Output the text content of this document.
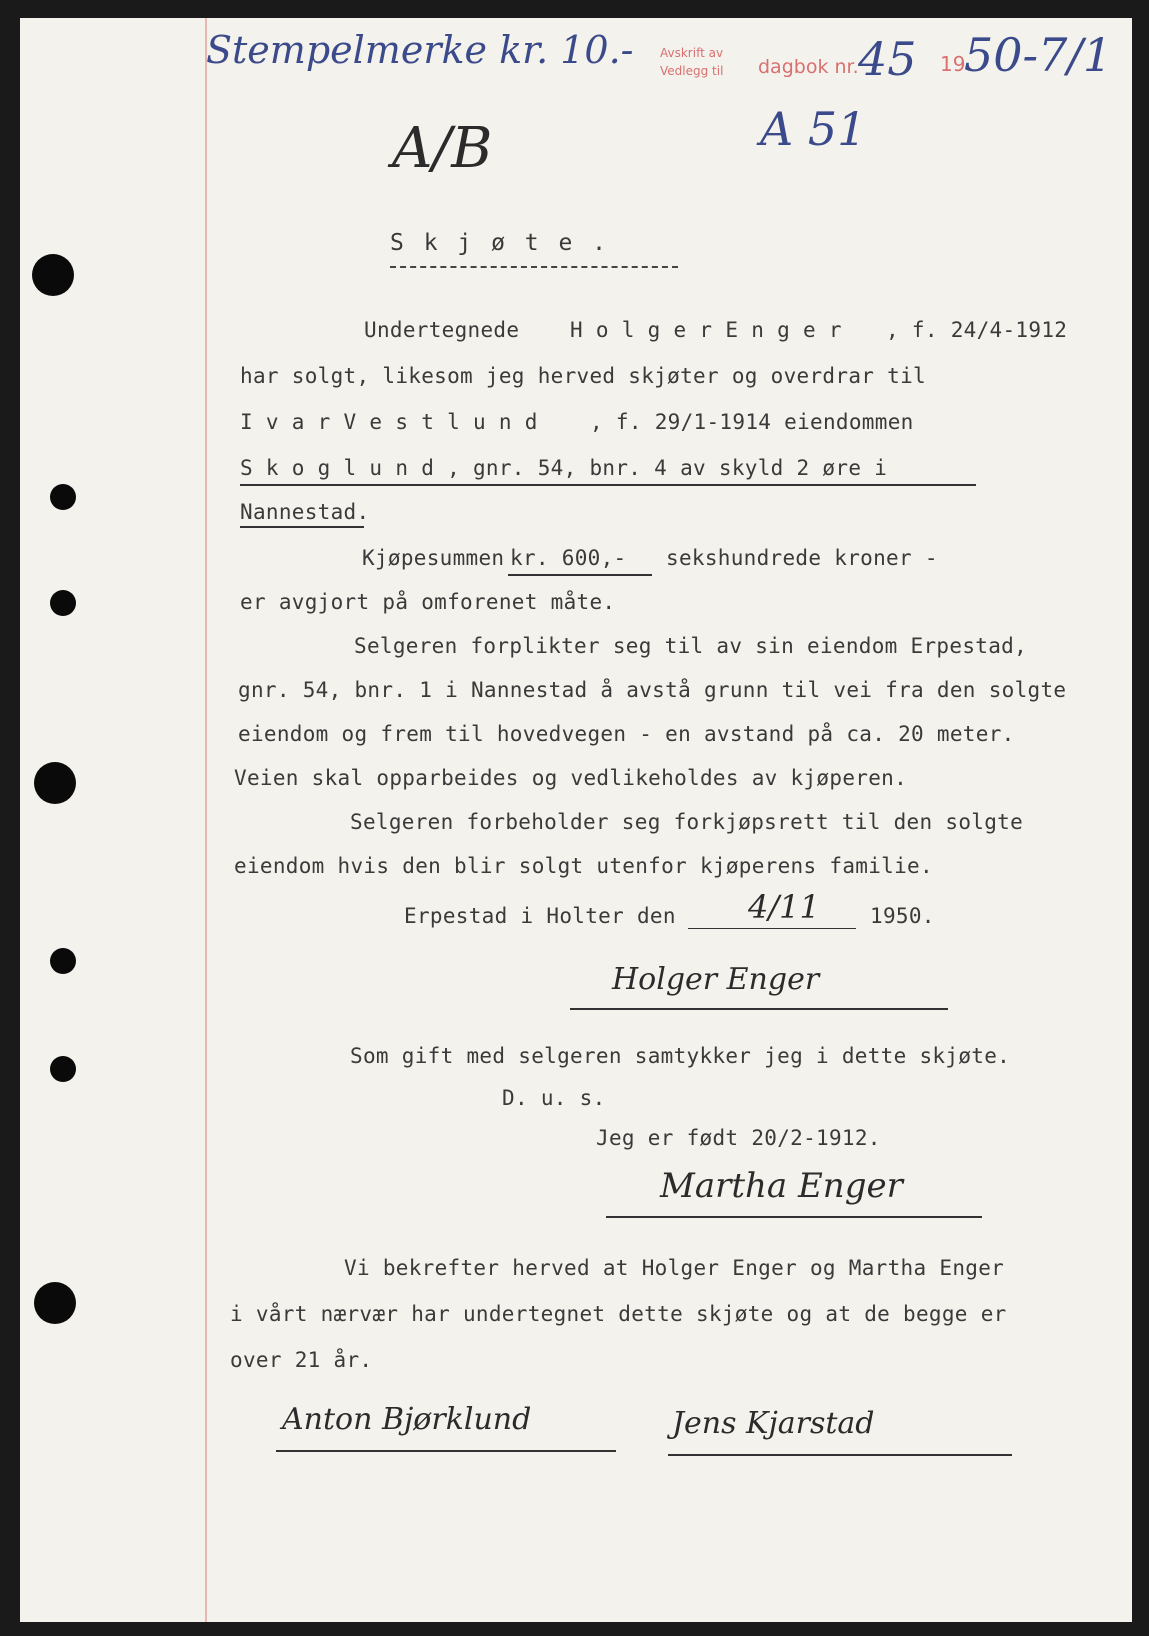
Stempelmerke kr. 10.- Avskrift av
Vedlegg til dagbok nr. 45 19
50-7/1
A 51
A/B
S k j ø t e .
Undertegnede H o l g e r E n g e r , f. 24/4-1912
har solgt, likesom jeg herved skjøter og overdrar til
I v a r V e s t l u n d , f. 29/1-1914 eiendommen
S k o g l u n d , gnr. 54, bnr. 4 av skyld 2 øre i
Nannestad.
Kjøpesummen kr. 600,- sekshundrede kroner -
er avgjort på omforenet måte.
Selgeren forplikter seg til av sin eiendom Erpestad,
gnr. 54, bnr. 1 i Nannestad å avstå grunn til vei fra den solgte
eiendom og frem til hovedvegen - en avstand på ca. 20 meter.
Veien skal opparbeides og vedlikeholdes av kjøperen.
Selgeren forbeholder seg forkjøpsrett til den solgte
eiendom hvis den blir solgt utenfor kjøperens familie.
Erpestad i Holter den 4/11 1950.
Holger Enger
Som gift med selgeren samtykker jeg i dette skjøte.
D. u. s.
Jeg er født 20/2-1912.
Martha Enger
Vi bekrefter herved at Holger Enger og Martha Enger
i vårt nærvær har undertegnet dette skjøte og at de begge er
over 21 år.
Anton Bjørklund	Jens Kjarstad
